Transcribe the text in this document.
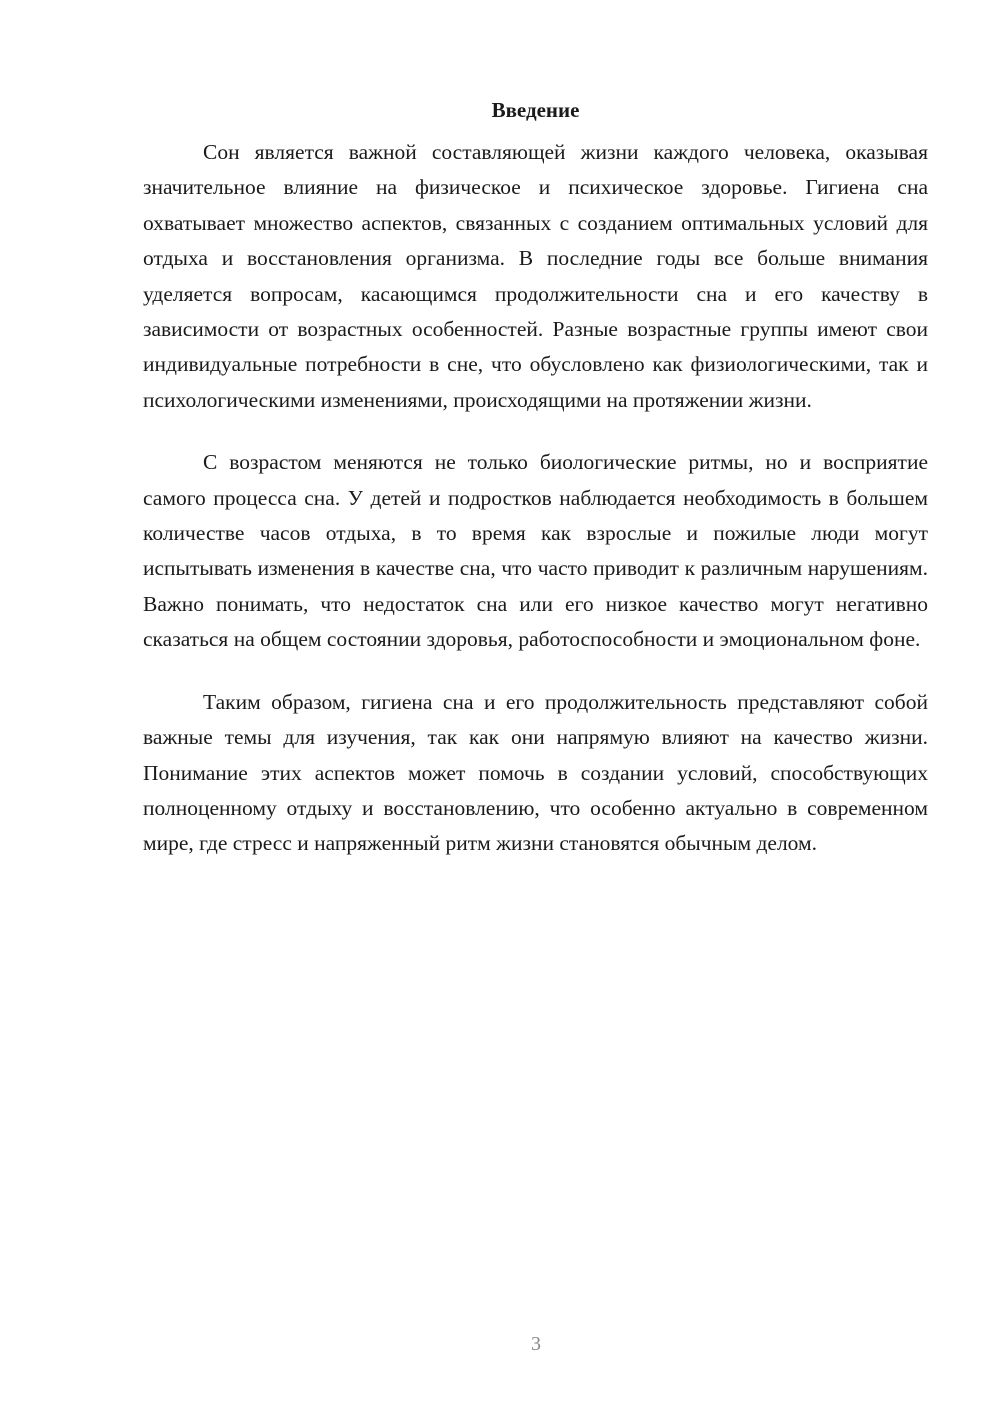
Введение

Сон является важной составляющей жизни каждого человека, оказывая значительное влияние на физическое и психическое здоровье. Гигиена сна охватывает множество аспектов, связанных с созданием оптимальных условий для отдыха и восстановления организма. В последние годы все больше внимания уделяется вопросам, касающимся продолжительности сна и его качеству в зависимости от возрастных особенностей. Разные возрастные группы имеют свои индивидуальные потребности в сне, что обусловлено как физиологическими, так и психологическими изменениями, происходящими на протяжении жизни.

С возрастом меняются не только биологические ритмы, но и восприятие самого процесса сна. У детей и подростков наблюдается необходимость в большем количестве часов отдыха, в то время как взрослые и пожилые люди могут испытывать изменения в качестве сна, что часто приводит к различным нарушениям. Важно понимать, что недостаток сна или его низкое качество могут негативно сказаться на общем состоянии здоровья, работоспособности и эмоциональном фоне.

Таким образом, гигиена сна и его продолжительность представляют собой важные темы для изучения, так как они напрямую влияют на качество жизни. Понимание этих аспектов может помочь в создании условий, способствующих полноценному отдыху и восстановлению, что особенно актуально в современном мире, где стресс и напряженный ритм жизни становятся обычным делом.

3
